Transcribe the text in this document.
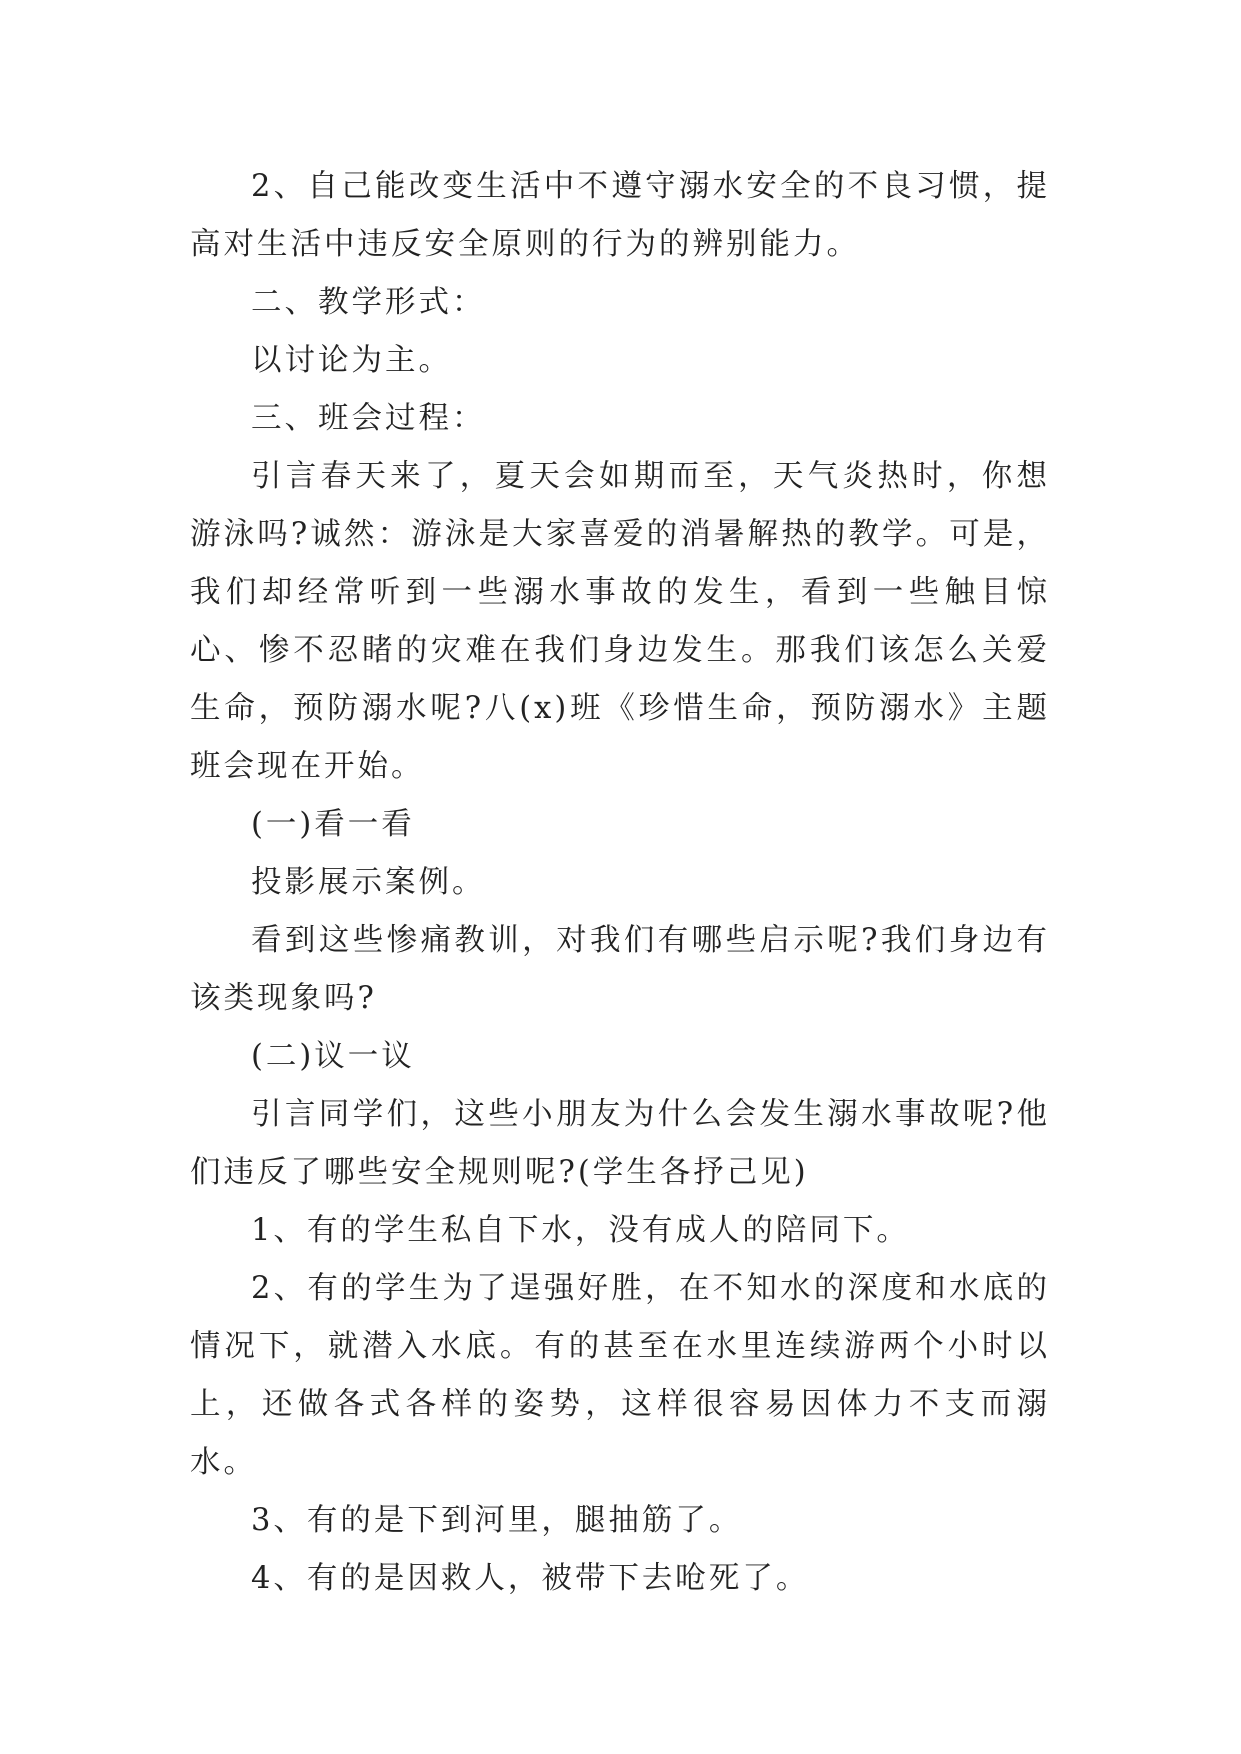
2、自己能改变生活中不遵守溺水安全的不良习惯，提高对生活中违反安全原则的行为的辨别能力。

二、教学形式：

以讨论为主。

三、班会过程：

引言春天来了，夏天会如期而至，天气炎热时，你想游泳吗?诚然：游泳是大家喜爱的消暑解热的教学。可是，我们却经常听到一些溺水事故的发生，看到一些触目惊心、惨不忍睹的灾难在我们身边发生。那我们该怎么关爱生命，预防溺水呢?八(x)班《珍惜生命，预防溺水》主题班会现在开始。

(一)看一看

投影展示案例。

看到这些惨痛教训，对我们有哪些启示呢?我们身边有该类现象吗?

(二)议一议

引言同学们，这些小朋友为什么会发生溺水事故呢?他们违反了哪些安全规则呢?(学生各抒己见)

1、有的学生私自下水，没有成人的陪同下。

2、有的学生为了逞强好胜，在不知水的深度和水底的情况下，就潜入水底。有的甚至在水里连续游两个小时以上，还做各式各样的姿势，这样很容易因体力不支而溺水。

3、有的是下到河里，腿抽筋了。

4、有的是因救人，被带下去呛死了。
